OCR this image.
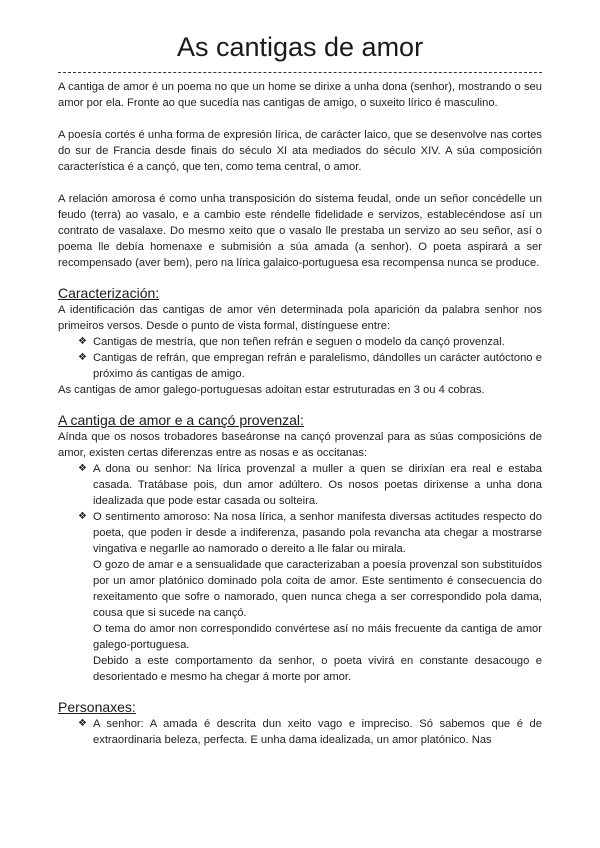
As cantigas de amor

A cantiga de amor é un poema no que un home se dirixe a unha dona (senhor), mostrando o seu amor por ela. Fronte ao que sucedía nas cantigas de amigo, o suxeito lírico é masculino.

A poesía cortés é unha forma de expresión lírica, de carácter laico, que se desenvolve nas cortes do sur de Francia desde finais do século XI ata mediados do século XIV. A súa composición característica é a cançó, que ten, como tema central, o amor.

A relación amorosa é como unha transposición do sistema feudal, onde un señor concédelle un feudo (terra) ao vasalo, e a cambio este réndelle fidelidade e servizos, establecéndose así un contrato de vasalaxe. Do mesmo xeito que o vasalo lle prestaba un servizo ao seu señor, así o poema lle debía homenaxe e submisión a súa amada (a senhor). O poeta aspirará a ser recompensado (aver bem), pero na lírica galaico-portuguesa esa recompensa nunca se produce.

Caracterización:

A identificación das cantigas de amor vén determinada pola aparición da palabra senhor nos primeiros versos. Desde o punto de vista formal, distínguese entre:

❖ Cantigas de mestría, que non teñen refrán e seguen o modelo da cançó provenzal.
❖ Cantigas de refrán, que empregan refrán e paralelismo, dándolles un carácter autóctono e próximo ás cantigas de amigo.

As cantigas de amor galego-portuguesas adoitan estar estruturadas en 3 ou 4 cobras.

A cantiga de amor e a cançó provenzal:

Aínda que os nosos trobadores baseáronse na cançó provenzal para as súas composicións de amor, existen certas diferenzas entre as nosas e as occitanas:

❖ A dona ou senhor: Na lírica provenzal a muller a quen se dirixían era real e estaba casada. Tratábase pois, dun amor adúltero. Os nosos poetas dirixense a unha dona idealizada que pode estar casada ou solteira.
❖ O sentimento amoroso: Na nosa lírica, a senhor manifesta diversas actitudes respecto do poeta, que poden ir desde a indiferenza, pasando pola revancha ata chegar a mostrarse vingativa e negarlle ao namorado o dereito a lle falar ou mirala.
O gozo de amar e a sensualidade que caracterizaban a poesía provenzal son substituídos por un amor platónico dominado pola coita de amor. Este sentimento é consecuencia do rexeitamento que sofre o namorado, quen nunca chega a ser correspondido pola dama, cousa que si sucede na cançó.
O tema do amor non correspondido convértese así no máis frecuente da cantiga de amor galego-portuguesa.
Debido a este comportamento da senhor, o poeta vivirá en constante desacougo e desorientado e mesmo ha chegar á morte por amor.
Personaxes:
❖ A senhor: A amada é descrita dun xeito vago e impreciso. Só sabemos que é de extraordinaria beleza, perfecta. E unha dama idealizada, un amor platónico. Nas
